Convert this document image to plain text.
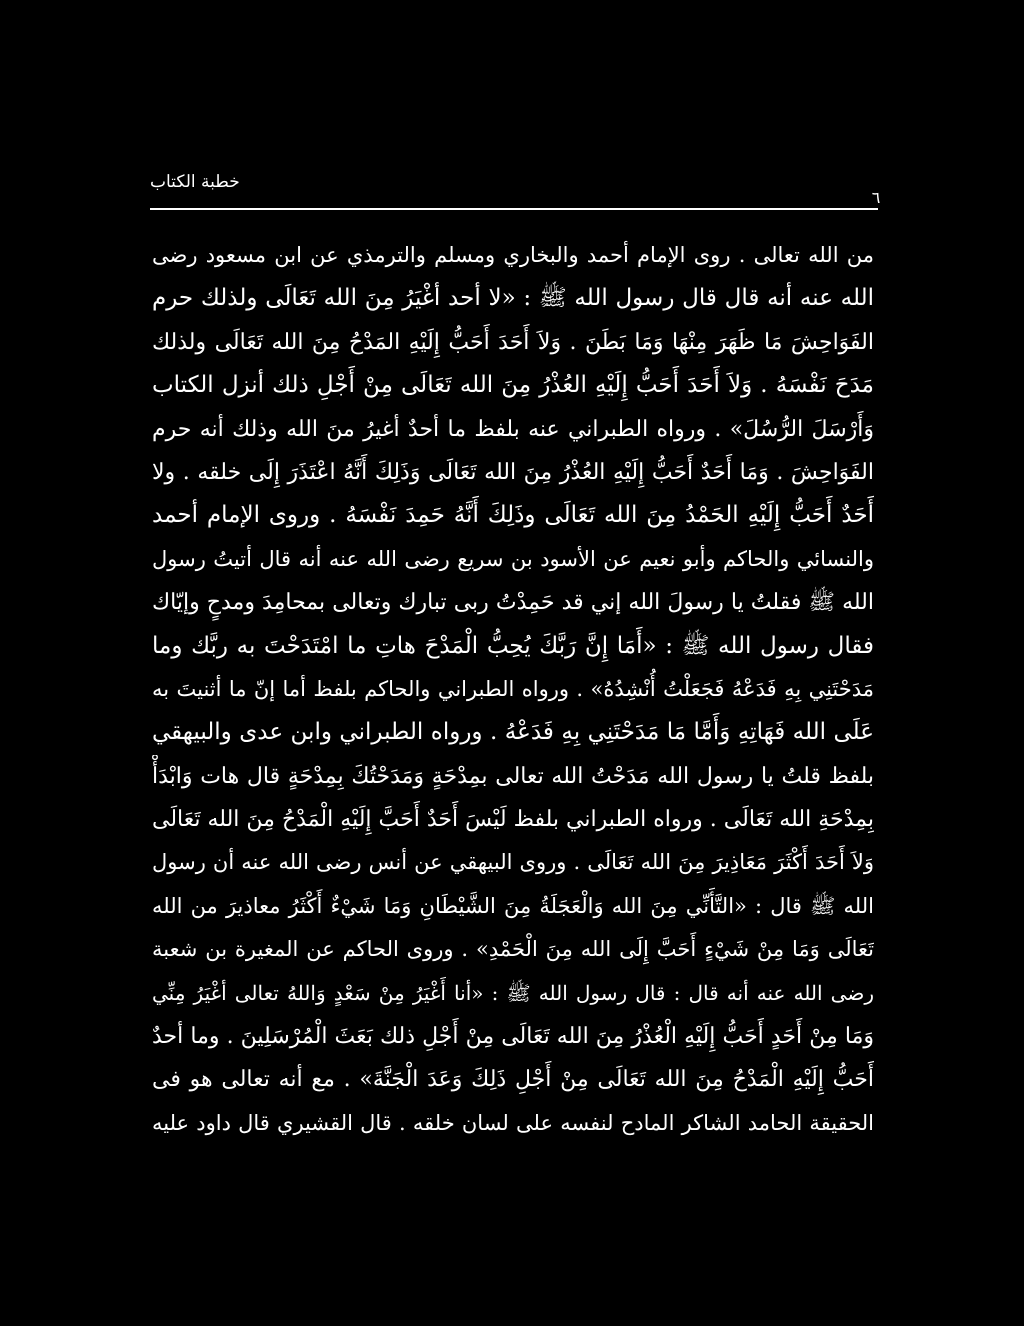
خطبة الكتاب
٦
من الله تعالى . روى الإمام أحمد والبخاري ومسلم والترمذي عن ابن مسعود رضى
الله عنه أنه قال قال رسول الله ﷺ : «لا أحد أغْيَرُ مِنَ الله تَعَالَى ولذلك حرم
الفَوَاحِشَ مَا ظَهَرَ مِنْهَا وَمَا بَطَنَ . وَلاَ أَحَدَ أَحَبُّ إِلَيْهِ المَدْحُ مِنَ الله تَعَالَى ولذلك
مَدَحَ نَفْسَهُ . وَلاَ أَحَدَ أَحَبُّ إِلَيْهِ العُذْرُ مِنَ الله تَعَالَى مِنْ أَجْلِ ذلك أنزل الكتاب
وَأَرْسَلَ الرُّسُلَ» . ورواه الطبراني عنه بلفظ ما أحدٌ أغيرُ منَ الله وذلك أنه حرم
الفَوَاحِشَ . وَمَا أَحَدٌ أَحَبُّ إِلَيْهِ العُذْرُ مِنَ الله تَعَالَى وَذَلِكَ أَنَّهُ اعْتَذَرَ إِلَى خلقه . ولا
أَحَدٌ أَحَبُّ إِلَيْهِ الحَمْدُ مِنَ الله تَعَالَى وذَلِكَ أَنَّهُ حَمِدَ نَفْسَهُ . وروى الإمام أحمد
والنسائي والحاكم وأبو نعيم عن الأسود بن سريع رضى الله عنه أنه قال أتيتُ رسول
الله ﷺ فقلتُ يا رسولَ الله إني قد حَمِدْتُ ربى تبارك وتعالى بمحامِدَ ومدحٍ وإيّاك
فقال رسول الله ﷺ : «أَمَا إِنَّ رَبَّكَ يُحِبُّ الْمَدْحَ هاتِ ما امْتَدَحْتَ به ربَّك وما
مَدَحْتَنِي بِهِ فَدَعْهُ فَجَعَلْتُ أُنْشِدُهُ» . ورواه الطبراني والحاكم بلفظ أما إنّ ما أثنيتَ به
عَلَى الله فَهَاتِهِ وَأَمَّا مَا مَدَحْتَنِي بِهِ فَدَعْهُ . ورواه الطبراني وابن عدى والبيهقي
بلفظ قلتُ يا رسول الله مَدَحْتُ الله تعالى بمِدْحَةٍ وَمَدَحْتُكَ بِمِدْحَةٍ قال هات وَابْدَأْ
بِمِدْحَةِ الله تَعَالَى . ورواه الطبراني بلفظ لَيْسَ أَحَدٌ أَحَبَّ إِلَيْهِ الْمَدْحُ مِنَ الله تَعَالَى
وَلاَ أَحَدَ أَكْثَرَ مَعَاذِيرَ مِنَ الله تَعَالَى . وروى البيهقي عن أنس رضى الله عنه أن رسول
الله ﷺ قال : «التَّأَنِّي مِنَ الله وَالْعَجَلَةُ مِنَ الشَّيْطَانِ وَمَا شَيْءٌ أَكْثَرُ معاذيرَ من الله
تَعَالَى وَمَا مِنْ شَيْءٍ أَحَبَّ إِلَى الله مِنَ الْحَمْدِ» . وروى الحاكم عن المغيرة بن شعبة
رضى الله عنه أنه قال : قال رسول الله ﷺ : «أنا أَغْيَرُ مِنْ سَعْدٍ وَاللهُ تعالى أغْيَرُ مِنِّي
وَمَا مِنْ أَحَدٍ أَحَبُّ إِلَيْهِ الْعُذْرُ مِنَ الله تَعَالَى مِنْ أَجْلِ ذلك بَعَثَ الْمُرْسَلِينَ . وما أحدٌ
أَحَبُّ إِلَيْهِ الْمَدْحُ مِنَ الله تَعَالَى مِنْ أَجْلِ ذَلِكَ وَعَدَ الْجَنَّةَ» . مع أنه تعالى هو فى
الحقيقة الحامد الشاكر المادح لنفسه على لسان خلقه . قال القشيري قال داود عليه
